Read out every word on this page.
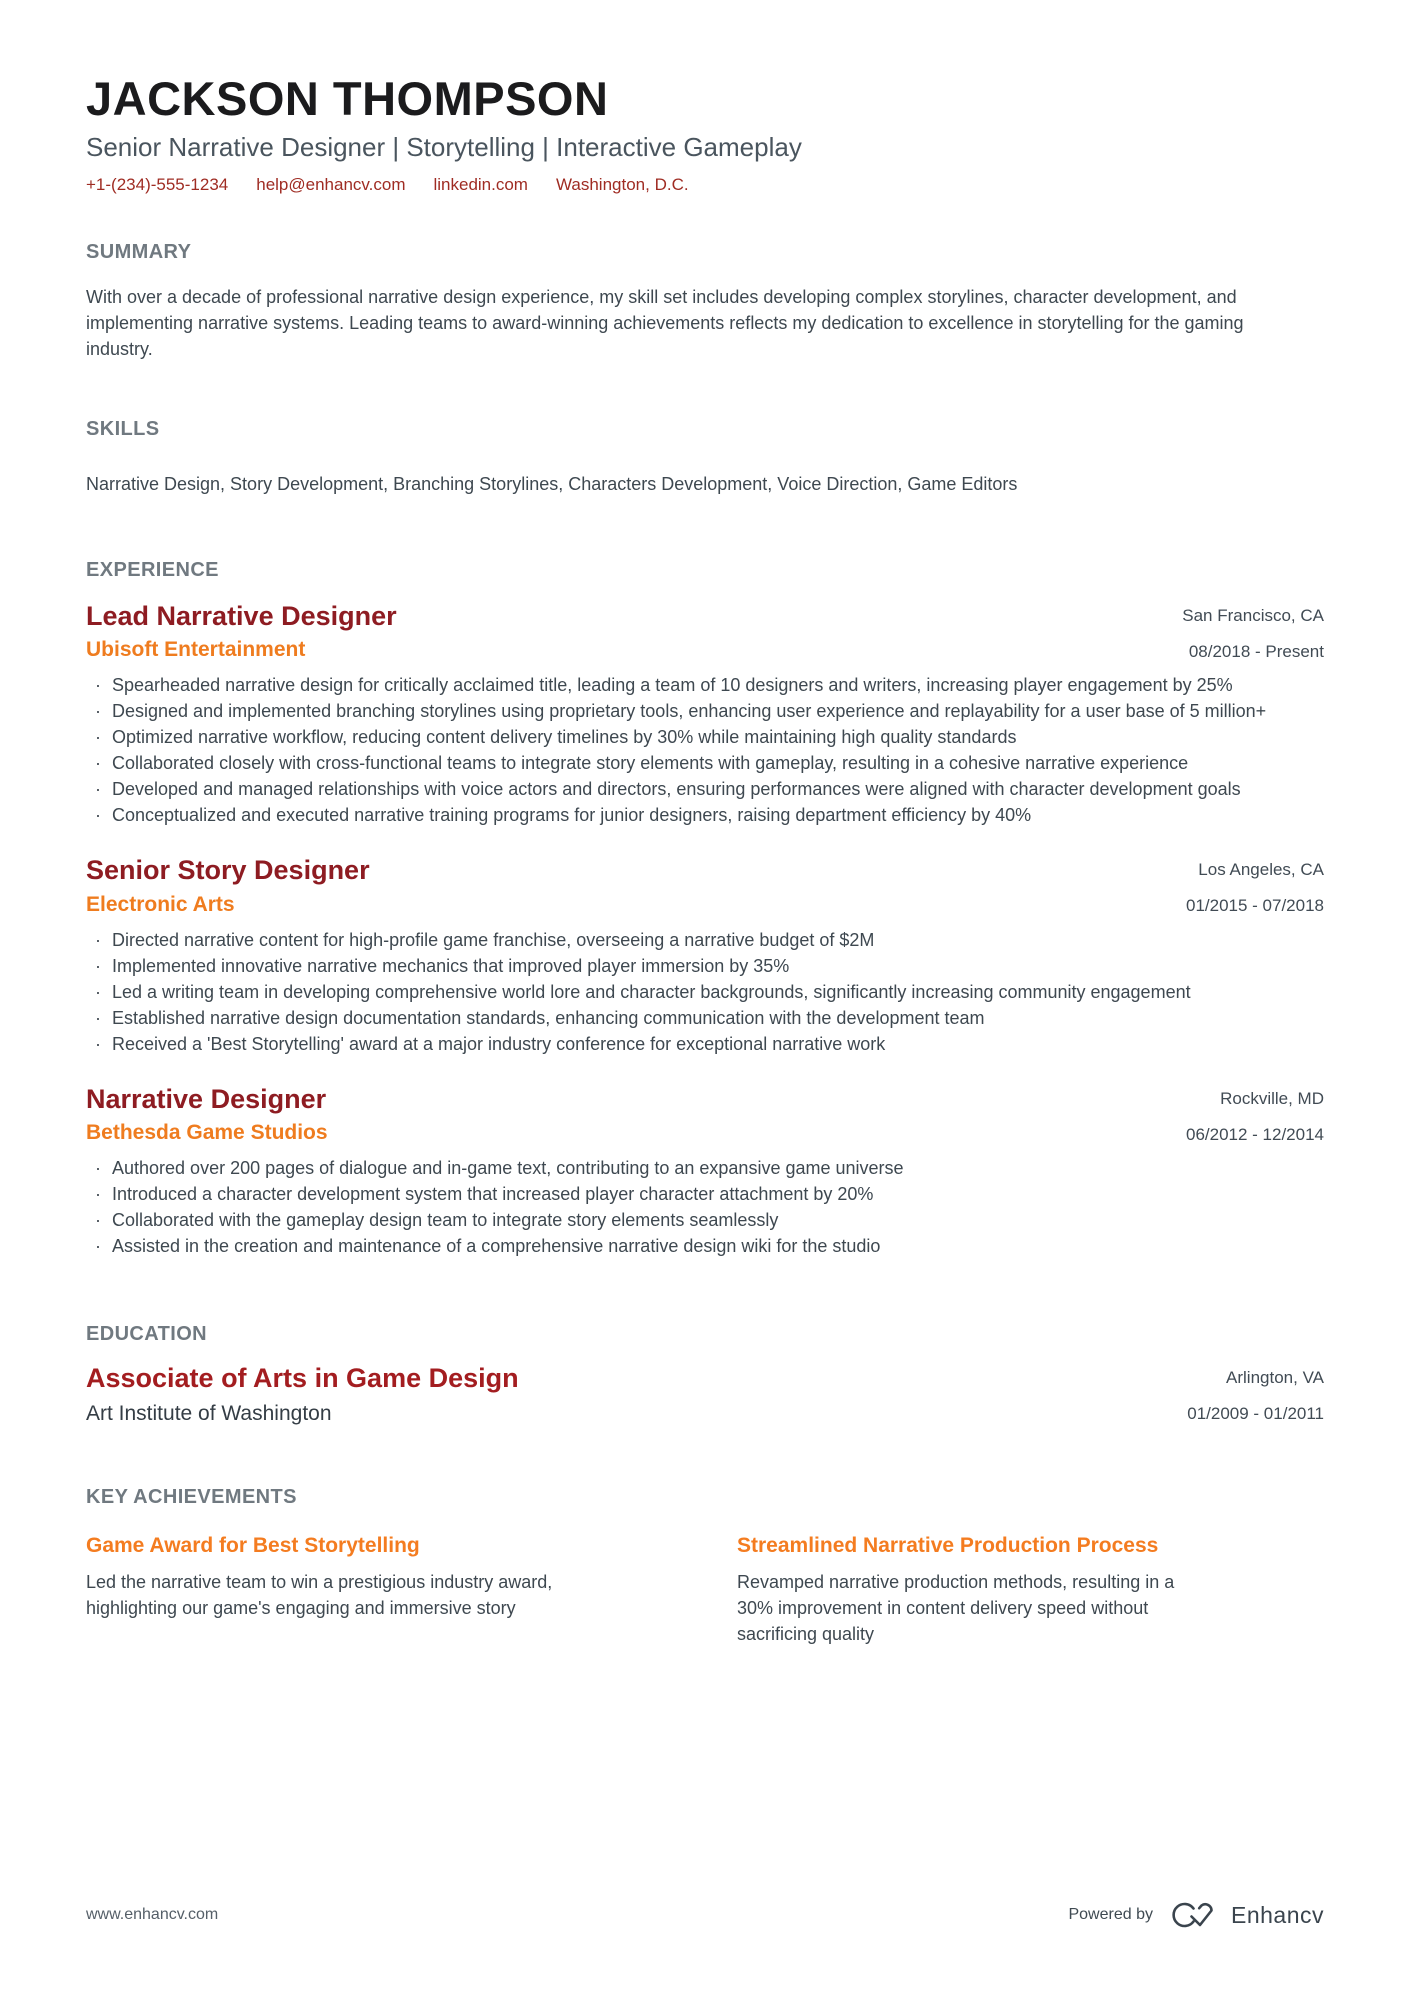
JACKSON THOMPSON
Senior Narrative Designer | Storytelling | Interactive Gameplay
+1-(234)-555-1234 help@enhancv.com linkedin.com Washington, D.C.
SUMMARY
With over a decade of professional narrative design experience, my skill set includes developing complex storylines, character development, and implementing narrative systems. Leading teams to award-winning achievements reflects my dedication to excellence in storytelling for the gaming industry.
SKILLS
Narrative Design, Story Development, Branching Storylines, Characters Development, Voice Direction, Game Editors
EXPERIENCE
Lead Narrative Designer
Ubisoft Entertainment
San Francisco, CA
08/2018 - Present
· Spearheaded narrative design for critically acclaimed title, leading a team of 10 designers and writers, increasing player engagement by 25%
· Designed and implemented branching storylines using proprietary tools, enhancing user experience and replayability for a user base of 5 million+
· Optimized narrative workflow, reducing content delivery timelines by 30% while maintaining high quality standards
· Collaborated closely with cross-functional teams to integrate story elements with gameplay, resulting in a cohesive narrative experience
· Developed and managed relationships with voice actors and directors, ensuring performances were aligned with character development goals
· Conceptualized and executed narrative training programs for junior designers, raising department efficiency by 40%
Senior Story Designer
Electronic Arts
Los Angeles, CA
01/2015 - 07/2018
· Directed narrative content for high-profile game franchise, overseeing a narrative budget of $2M
· Implemented innovative narrative mechanics that improved player immersion by 35%
· Led a writing team in developing comprehensive world lore and character backgrounds, significantly increasing community engagement
· Established narrative design documentation standards, enhancing communication with the development team
· Received a 'Best Storytelling' award at a major industry conference for exceptional narrative work
Narrative Designer
Bethesda Game Studios
Rockville, MD
06/2012 - 12/2014
· Authored over 200 pages of dialogue and in-game text, contributing to an expansive game universe
· Introduced a character development system that increased player character attachment by 20%
· Collaborated with the gameplay design team to integrate story elements seamlessly
· Assisted in the creation and maintenance of a comprehensive narrative design wiki for the studio
EDUCATION
Associate of Arts in Game Design
Art Institute of Washington
Arlington, VA
01/2009 - 01/2011
KEY ACHIEVEMENTS
Game Award for Best Storytelling
Led the narrative team to win a prestigious industry award, highlighting our game's engaging and immersive story
Streamlined Narrative Production Process
Revamped narrative production methods, resulting in a 30% improvement in content delivery speed without sacrificing quality
www.enhancv.com	Powered by	Enhancv
